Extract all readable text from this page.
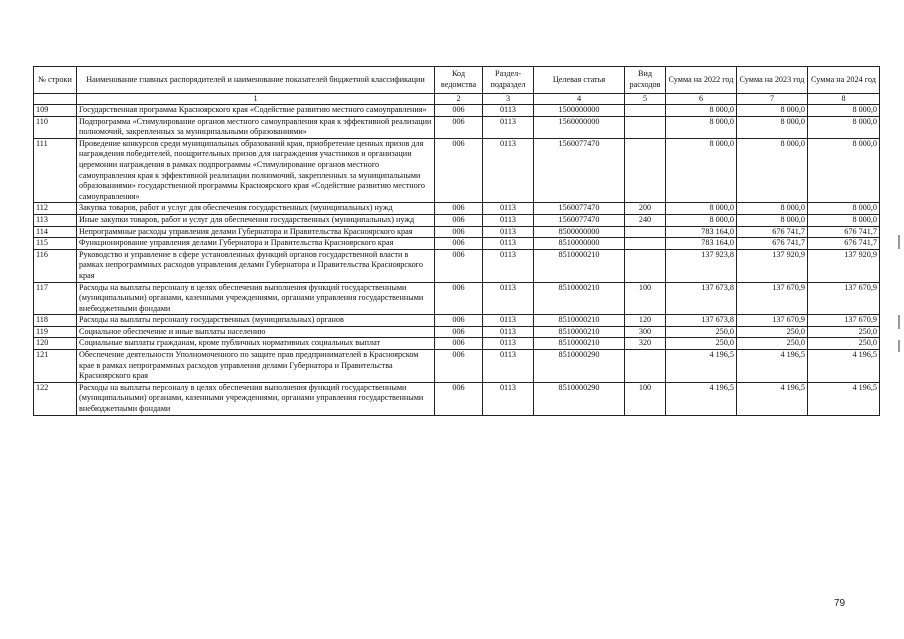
№ строки	Наименование главных распорядителей и наименование показателей бюджетной классификации	Код ведомства	Раздел-подраздел	Целевая статья	Вид расходов	Сумма на 2022 год	Сумма на 2023 год	Сумма на 2024 год
	1	2	3	4	5	6	7	8
109	Государственная программа Красноярского края «Содействие развитию местного самоуправления»	006	0113	1500000000		8 000,0	8 000,0	8 000,0
110	Подпрограмма «Стимулирование органов местного самоуправления края к эффективной реализации полномочий, закрепленных за муниципальными образованиями»	006	0113	1560000000		8 000,0	8 000,0	8 000,0
111	Проведение конкурсов среди муниципальных образований края, приобретение ценных призов для награждения победителей, поощрительных призов для награждения участников и организации церемонии награждения в рамках подпрограммы «Стимулирование органов местного самоуправления края к эффективной реализации полномочий, закрепленных за муниципальными образованиями» государственной программы Красноярского края «Содействие развитию местного самоуправления»	006	0113	1560077470		8 000,0	8 000,0	8 000,0
112	Закупка товаров, работ и услуг для обеспечения государственных (муниципальных) нужд	006	0113	1560077470	200	8 000,0	8 000,0	8 000,0
113	Иные закупки товаров, работ и услуг для обеспечения государственных (муниципальных) нужд	006	0113	1560077470	240	8 000,0	8 000,0	8 000,0
114	Непрограммные расходы управления делами Губернатора и Правительства Красноярского края	006	0113	8500000000		783 164,0	676 741,7	676 741,7
115	Функционирование управления делами Губернатора и Правительства Красноярского края	006	0113	8510000000		783 164,0	676 741,7	676 741,7
116	Руководство и управление в сфере установленных функций органов государственной власти в рамках непрограммных расходов управления делами Губернатора и Правительства Красноярского края	006	0113	8510000210		137 923,8	137 920,9	137 920,9
117	Расходы на выплаты персоналу в целях обеспечения выполнения функций государственными (муниципальными) органами, казенными учреждениями, органами управления государственными внебюджетными фондами	006	0113	8510000210	100	137 673,8	137 670,9	137 670,9
118	Расходы на выплаты персоналу государственных (муниципальных) органов	006	0113	8510000210	120	137 673,8	137 670,9	137 670,9
119	Социальное обеспечение и иные выплаты населению	006	0113	8510000210	300	250,0	250,0	250,0
120	Социальные выплаты гражданам, кроме публичных нормативных социальных выплат	006	0113	8510000210	320	250,0	250,0	250,0
121	Обеспечение деятельности Уполномоченного по защите прав предпринимателей в Красноярском крае в рамках непрограммных расходов управления делами Губернатора и Правительства Красноярского края	006	0113	8510000290		4 196,5	4 196,5	4 196,5
122	Расходы на выплаты персоналу в целях обеспечения выполнения функций государственными (муниципальными) органами, казенными учреждениями, органами управления государственными внебюджетными фондами	006	0113	8510000290	100	4 196,5	4 196,5	4 196,5
79
